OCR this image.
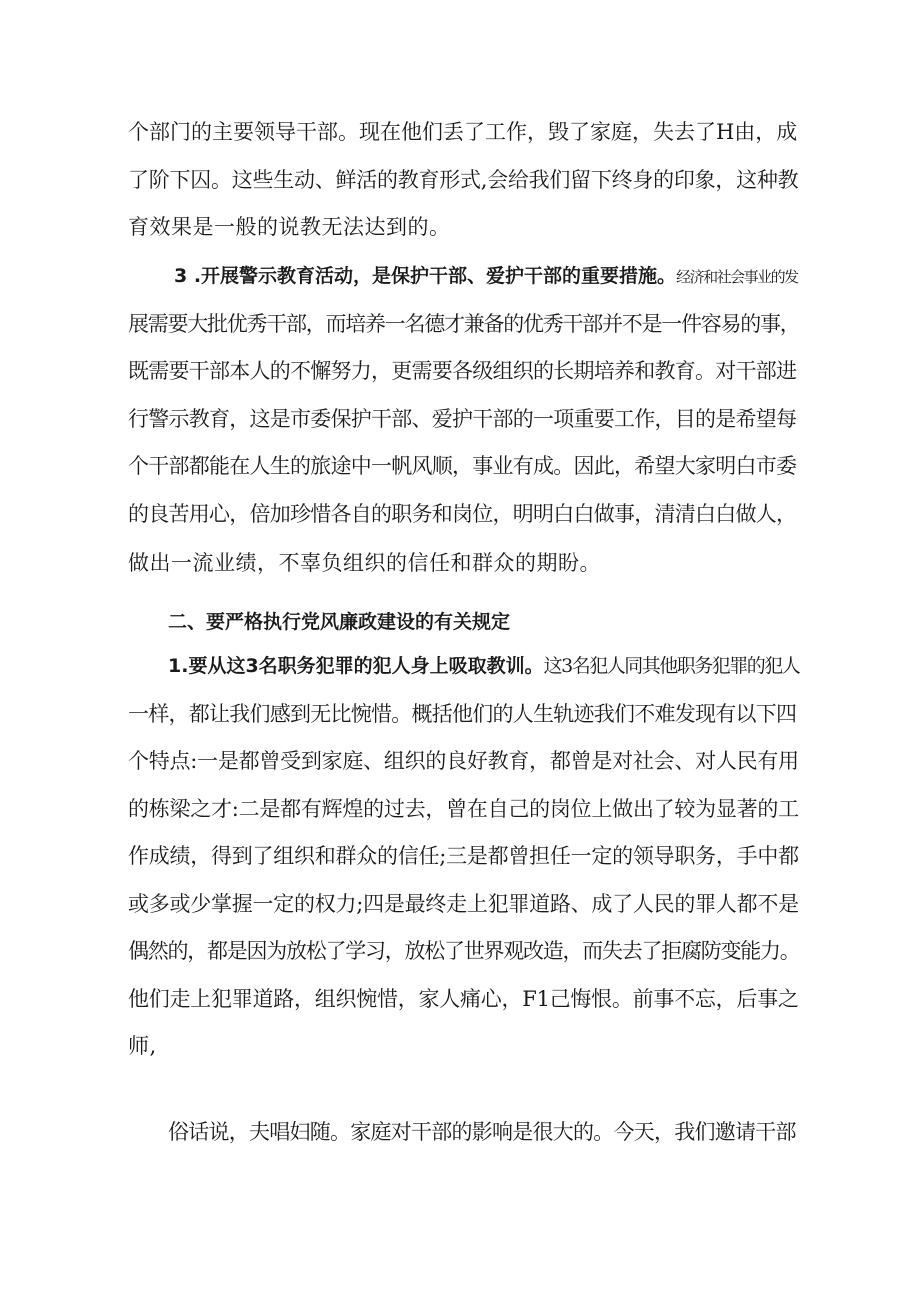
个部门的主要领导干部。现在他们丢了工作，毁了家庭，失去了H由，成
了阶下囚。这些生动、鲜活的教育形式,会给我们留下终身的印象，这种教
育效果是一般的说教无法达到的。
3 .开展警示教育活动，是保护干部、爱护干部的重要措施。经济和社会事业的发
展需要大批优秀干部，而培养一名德才兼备的优秀干部并不是一件容易的事，
既需要干部本人的不懈努力，更需要各级组织的长期培养和教育。对干部进
行警示教育，这是市委保护干部、爱护干部的一项重要工作，目的是希望每
个干部都能在人生的旅途中一帆风顺，事业有成。因此，希望大家明白市委
的良苦用心，倍加珍惜各自的职务和岗位，明明白白做事，清清白白做人，
做出一流业绩，不辜负组织的信任和群众的期盼。
二、要严格执行党风廉政建设的有关规定
1.要从这3名职务犯罪的犯人身上吸取教训。这3名犯人同其他职务犯罪的犯人
一样，都让我们感到无比惋惜。概括他们的人生轨迹我们不难发现有以下四
个特点:一是都曾受到家庭、组织的良好教育，都曾是对社会、对人民有用
的栋梁之才:二是都有辉煌的过去，曾在自己的岗位上做出了较为显著的工
作成绩，得到了组织和群众的信任;三是都曾担任一定的领导职务，手中都
或多或少掌握一定的权力;四是最终走上犯罪道路、成了人民的罪人都不是
偶然的，都是因为放松了学习，放松了世界观改造，而失去了拒腐防变能力。
他们走上犯罪道路，组织惋惜，家人痛心，F1己悔恨。前事不忘，后事之
师,
俗话说，夫唱妇随。家庭对干部的影响是很大的。今天，我们邀请干部
